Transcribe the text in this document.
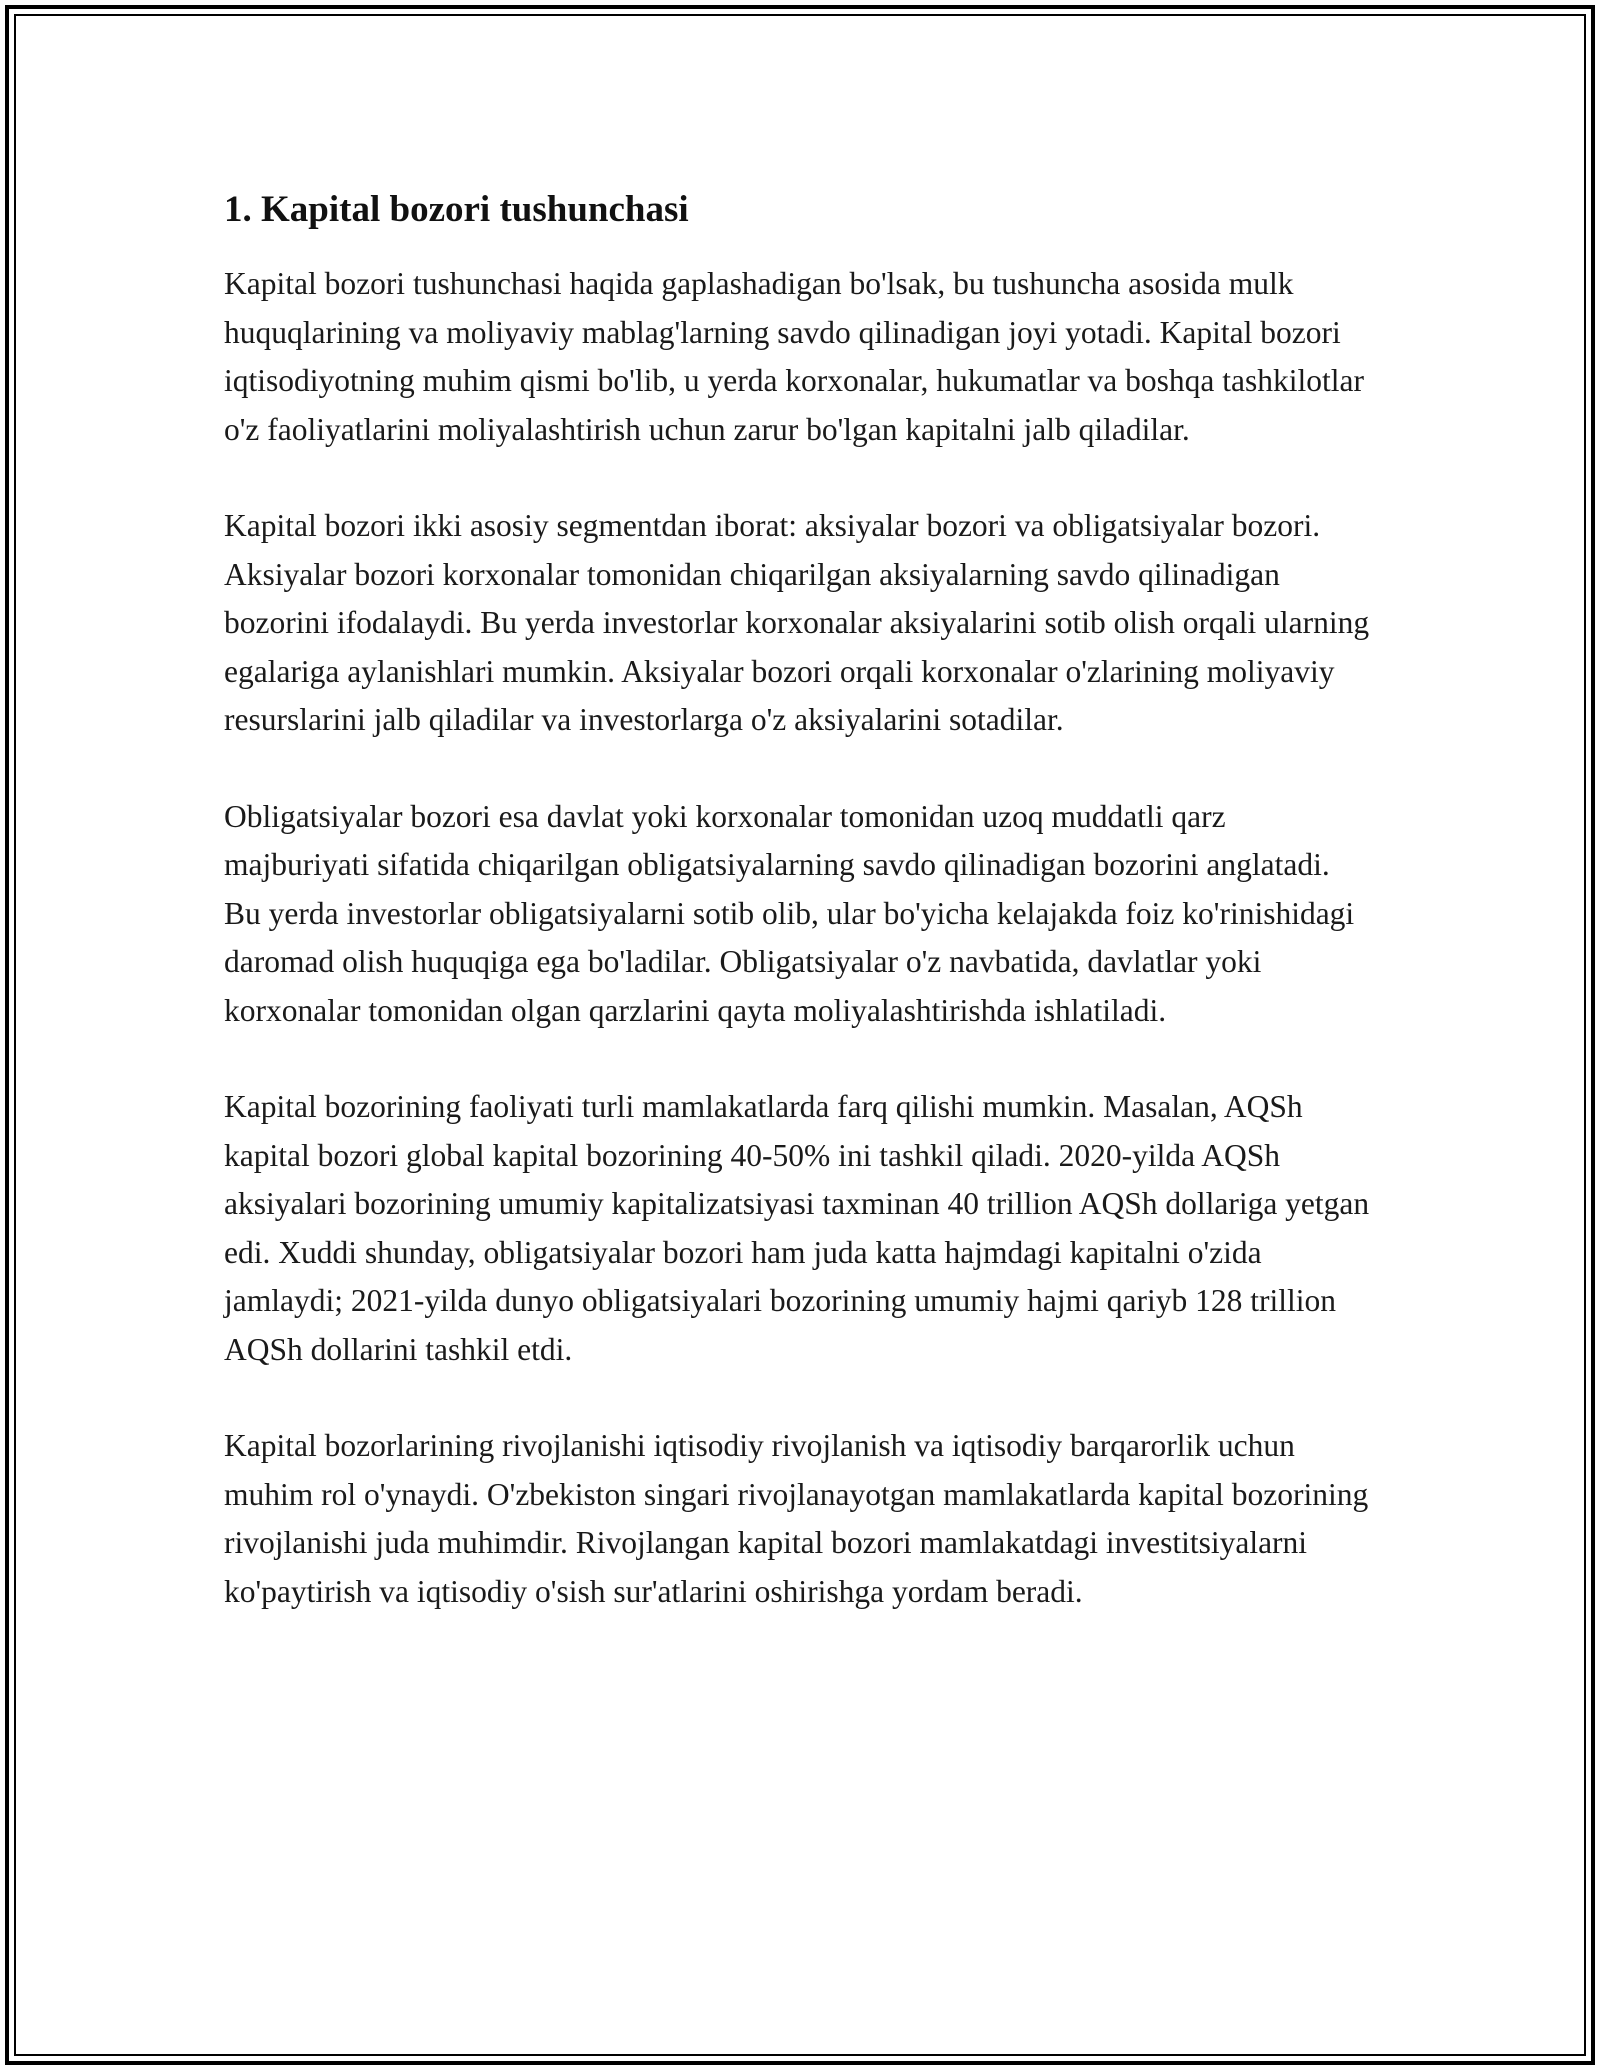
1. Kapital bozori tushunchasi

Kapital bozori tushunchasi haqida gaplashadigan bo'lsak, bu tushuncha asosida mulk huquqlarining va moliyaviy mablag'larning savdo qilinadigan joyi yotadi. Kapital bozori iqtisodiyotning muhim qismi bo'lib, u yerda korxonalar, hukumatlar va boshqa tashkilotlar o'z faoliyatlarini moliyalashtirish uchun zarur bo'lgan kapitalni jalb qiladilar.

Kapital bozori ikki asosiy segmentdan iborat: aksiyalar bozori va obligatsiyalar bozori. Aksiyalar bozori korxonalar tomonidan chiqarilgan aksiyalarning savdo qilinadigan bozorini ifodalaydi. Bu yerda investorlar korxonalar aksiyalarini sotib olish orqali ularning egalariga aylanishlari mumkin. Aksiyalar bozori orqali korxonalar o'zlarining moliyaviy resurslarini jalb qiladilar va investorlarga o'z aksiyalarini sotadilar.

Obligatsiyalar bozori esa davlat yoki korxonalar tomonidan uzoq muddatli qarz majburiyati sifatida chiqarilgan obligatsiyalarning savdo qilinadigan bozorini anglatadi. Bu yerda investorlar obligatsiyalarni sotib olib, ular bo'yicha kelajakda foiz ko'rinishidagi daromad olish huquqiga ega bo'ladilar. Obligatsiyalar o'z navbatida, davlatlar yoki korxonalar tomonidan olgan qarzlarini qayta moliyalashtirishda ishlatiladi.

Kapital bozorining faoliyati turli mamlakatlarda farq qilishi mumkin. Masalan, AQSh kapital bozori global kapital bozorining 40-50% ini tashkil qiladi. 2020-yilda AQSh aksiyalari bozorining umumiy kapitalizatsiyasi taxminan 40 trillion AQSh dollariga yetgan edi. Xuddi shunday, obligatsiyalar bozori ham juda katta hajmdagi kapitalni o'zida jamlaydi; 2021-yilda dunyo obligatsiyalari bozorining umumiy hajmi qariyb 128 trillion AQSh dollarini tashkil etdi.

Kapital bozorlarining rivojlanishi iqtisodiy rivojlanish va iqtisodiy barqarorlik uchun muhim rol o'ynaydi. O'zbekiston singari rivojlanayotgan mamlakatlarda kapital bozorining rivojlanishi juda muhimdir. Rivojlangan kapital bozori mamlakatdagi investitsiyalarni ko'paytirish va iqtisodiy o'sish sur'atlarini oshirishga yordam beradi.
